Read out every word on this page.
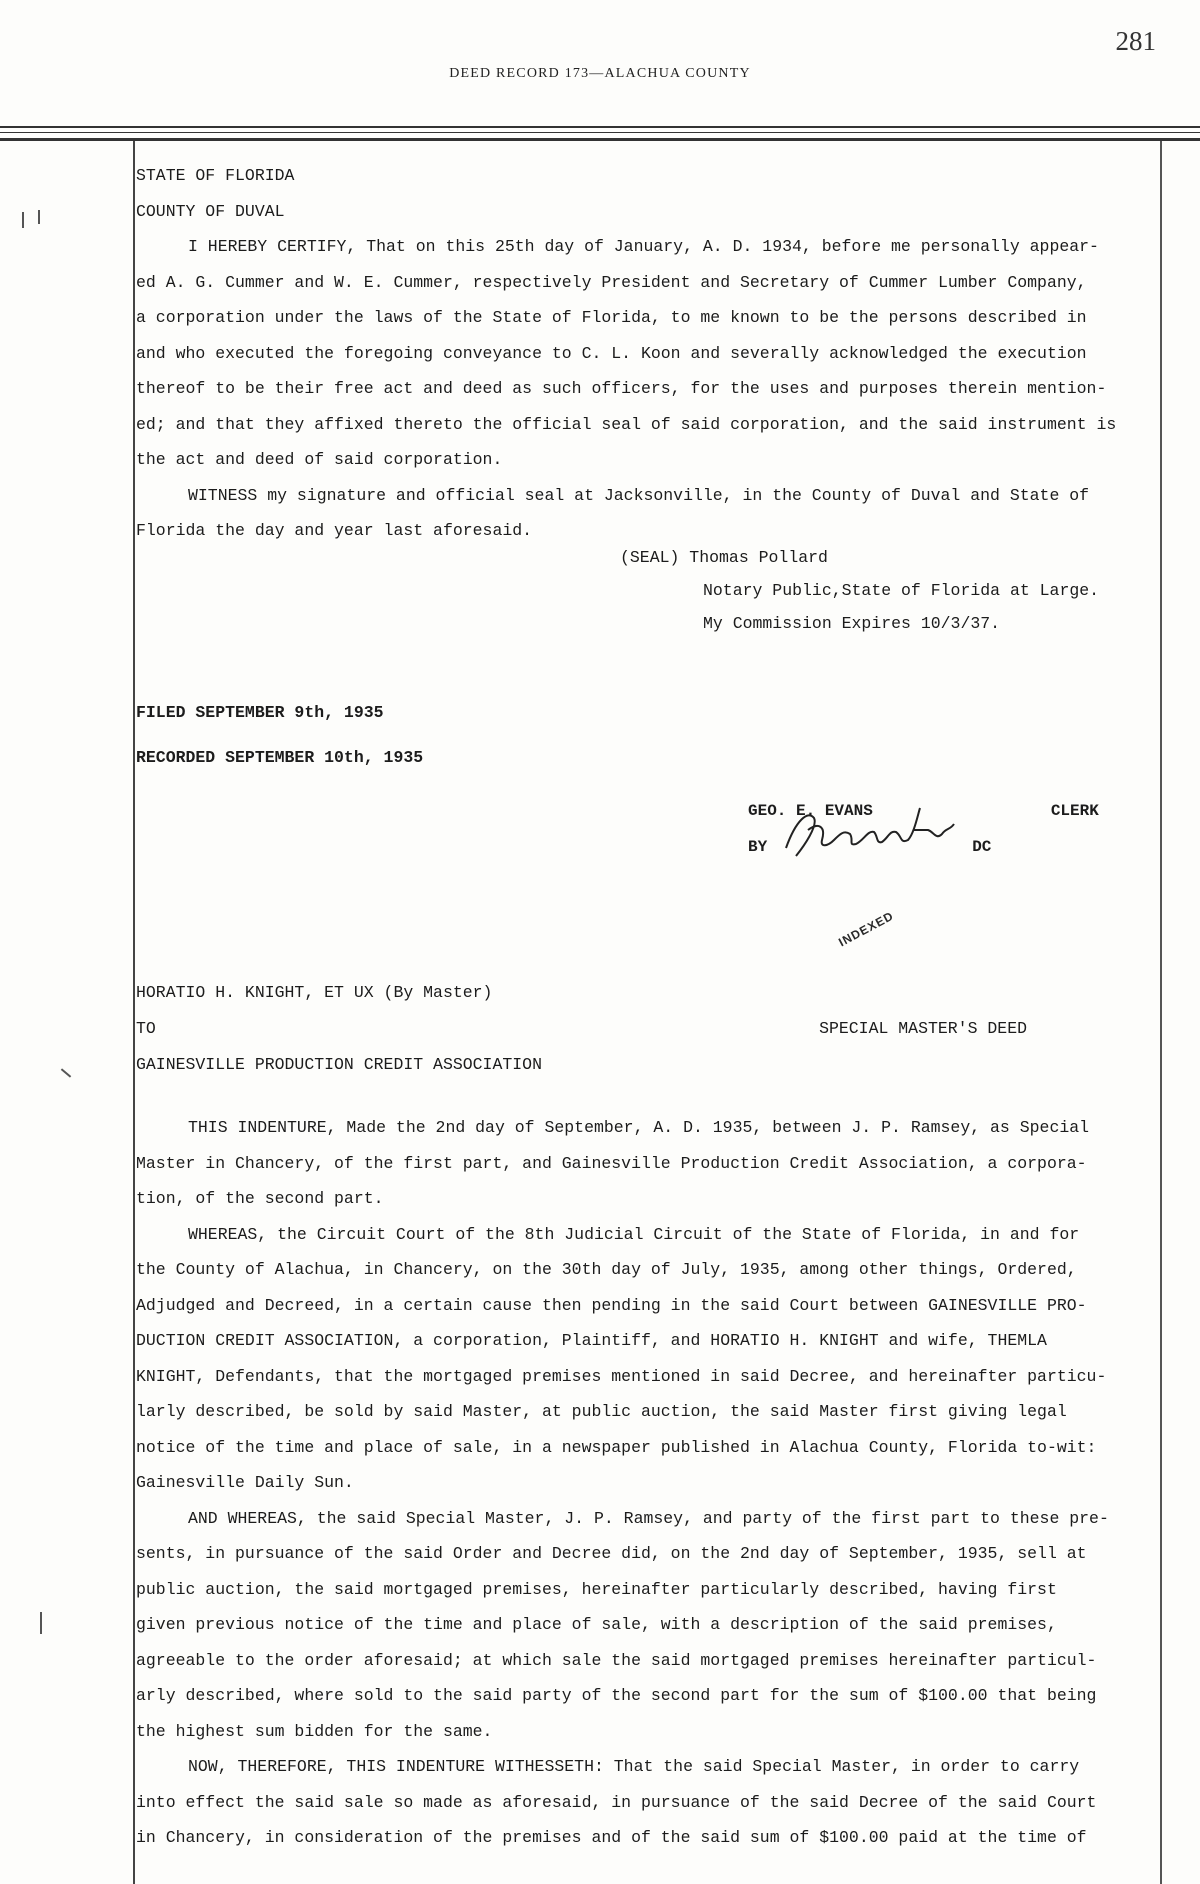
281
DEED RECORD 173—ALACHUA COUNTY
STATE OF FLORIDA
COUNTY OF DUVAL
I HEREBY CERTIFY, That on this 25th day of January, A. D. 1934, before me personally appear-
ed A. G. Cummer and W. E. Cummer, respectively President and Secretary of Cummer Lumber Company,
a corporation under the laws of the State of Florida, to me known to be the persons described in
and who executed the foregoing conveyance to C. L. Koon and severally acknowledged the execution
thereof to be their free act and deed as such officers, for the uses and purposes therein mention-
ed; and that they affixed thereto the official seal of said corporation, and the said instrument is
the act and deed of said corporation.
WITNESS my signature and official seal at Jacksonville, in the County of Duval and State of
Florida the day and year last aforesaid.
(SEAL) Thomas Pollard
Notary Public,State of Florida at Large.
My Commission Expires 10/3/37.
FILED SEPTEMBER 9th, 1935
RECORDED SEPTEMBER 10th, 1935
GEO. E. EVANS	CLERK
BY	DC
INDEXED
HORATIO H. KNIGHT, ET UX (By Master)
TO
GAINESVILLE PRODUCTION CREDIT ASSOCIATION
SPECIAL MASTER'S DEED
THIS INDENTURE, Made the 2nd day of September, A. D. 1935, between J. P. Ramsey, as Special
Master in Chancery, of the first part, and Gainesville Production Credit Association, a corpora-
tion, of the second part.
WHEREAS, the Circuit Court of the 8th Judicial Circuit of the State of Florida, in and for
the County of Alachua, in Chancery, on the 30th day of July, 1935, among other things, Ordered,
Adjudged and Decreed, in a certain cause then pending in the said Court between GAINESVILLE PRO-
DUCTION CREDIT ASSOCIATION, a corporation, Plaintiff, and HORATIO H. KNIGHT and wife, THEMLA
KNIGHT, Defendants, that the mortgaged premises mentioned in said Decree, and hereinafter particu-
larly described, be sold by said Master, at public auction, the said Master first giving legal
notice of the time and place of sale, in a newspaper published in Alachua County, Florida to-wit:
Gainesville Daily Sun.
AND WHEREAS, the said Special Master, J. P. Ramsey, and party of the first part to these pre-
sents, in pursuance of the said Order and Decree did, on the 2nd day of September, 1935, sell at
public auction, the said mortgaged premises, hereinafter particularly described, having first
given previous notice of the time and place of sale, with a description of the said premises,
agreeable to the order aforesaid; at which sale the said mortgaged premises hereinafter particul-
arly described, where sold to the said party of the second part for the sum of $100.00 that being
the highest sum bidden for the same.
NOW, THEREFORE, THIS INDENTURE WITHESSETH: That the said Special Master, in order to carry
into effect the said sale so made as aforesaid, in pursuance of the said Decree of the said Court
in Chancery, in consideration of the premises and of the said sum of $100.00 paid at the time of
